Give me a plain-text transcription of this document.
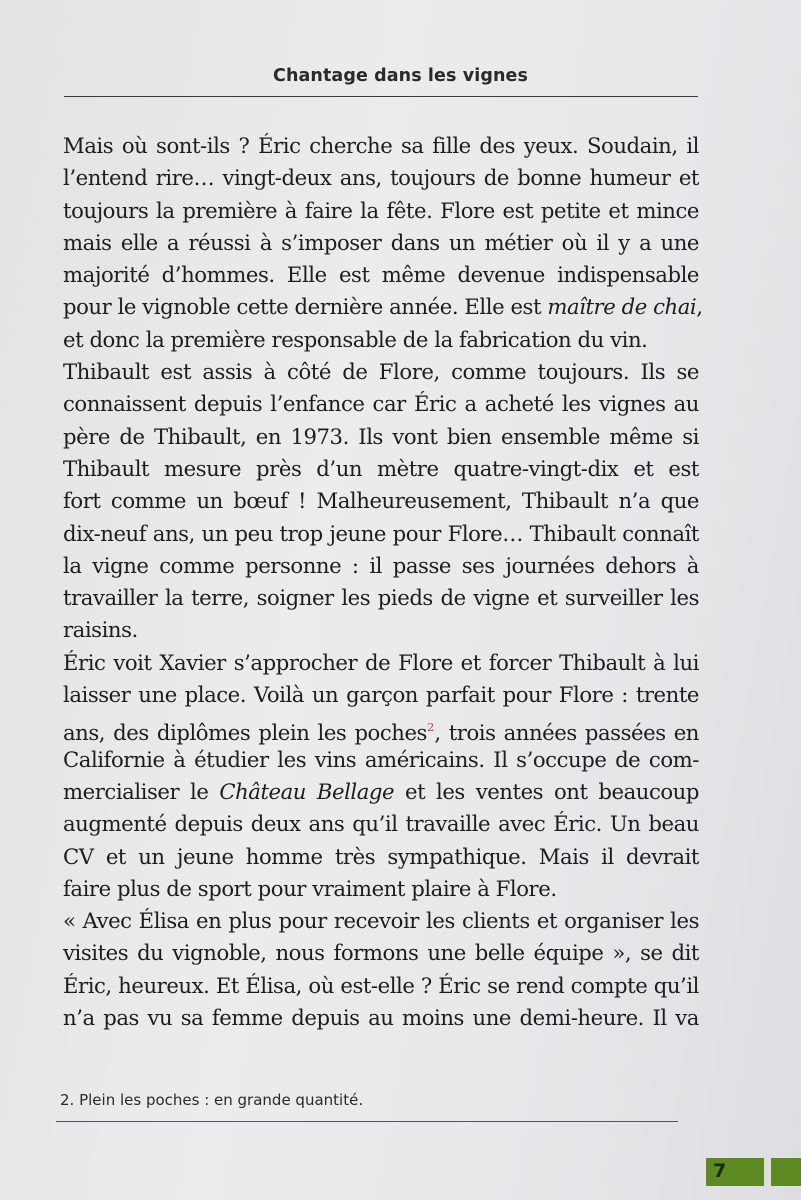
Chantage dans les vignes
Mais où sont-ils ? Éric cherche sa fille des yeux. Soudain, il
l’entend rire… vingt-deux ans, toujours de bonne humeur et
toujours la première à faire la fête. Flore est petite et mince
mais elle a réussi à s’imposer dans un métier où il y a une
majorité d’hommes. Elle est même devenue indispensable
pour le vignoble cette dernière année. Elle est maître de chai,
et donc la première responsable de la fabrication du vin.
Thibault est assis à côté de Flore, comme toujours. Ils se
connaissent depuis l’enfance car Éric a acheté les vignes au
père de Thibault, en 1973. Ils vont bien ensemble même si
Thibault mesure près d’un mètre quatre-vingt-dix et est
fort comme un bœuf ! Malheureusement, Thibault n’a que
dix-neuf ans, un peu trop jeune pour Flore… Thibault connaît
la vigne comme personne : il passe ses journées dehors à
travailler la terre, soigner les pieds de vigne et surveiller les
raisins.
Éric voit Xavier s’approcher de Flore et forcer Thibault à lui
laisser une place. Voilà un garçon parfait pour Flore : trente
ans, des diplômes plein les poches$^2$, trois années passées en
Californie à étudier les vins américains. Il s’occupe de com-
mercialiser le Château Bellage et les ventes ont beaucoup
augmenté depuis deux ans qu’il travaille avec Éric. Un beau
CV et un jeune homme très sympathique. Mais il devrait
faire plus de sport pour vraiment plaire à Flore.
« Avec Élisa en plus pour recevoir les clients et organiser les
visites du vignoble, nous formons une belle équipe », se dit
Éric, heureux. Et Élisa, où est-elle ? Éric se rend compte qu’il
n’a pas vu sa femme depuis au moins une demi-heure. Il va
2. Plein les poches : en grande quantité.
7
